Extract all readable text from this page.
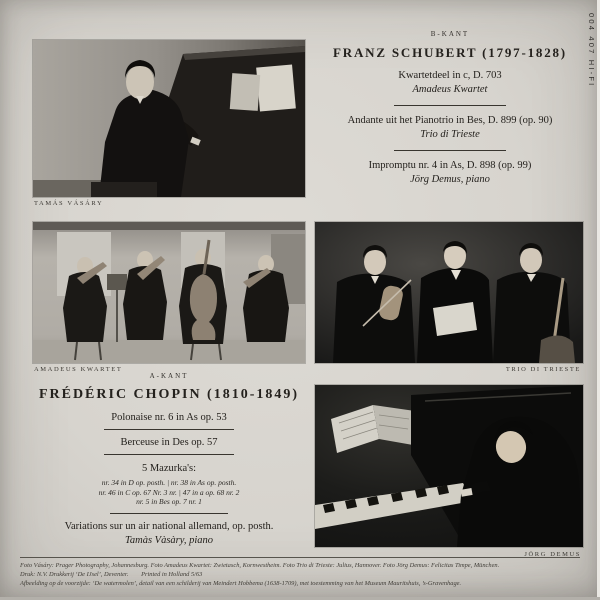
004 407 HI-FI
TAMÁS VÁSÁRY
AMADEUS KWARTET	TRIO DI TRIESTE
JÖRG DEMUS
B-KANT
FRANZ SCHUBERT (1797-1828)
Kwartetdeel in c, D. 703
Amadeus Kwartet
Andante uit het Pianotrio in Bes, D. 899 (op. 90)
Trio di Trieste
Impromptu nr. 4 in As, D. 898 (op. 99)
Jörg Demus, piano
A-KANT
FRÉDÉRIC CHOPIN (1810-1849)
Polonaise nr. 6 in As op. 53
Berceuse in Des op. 57
5 Mazurka's:
nr. 34 in D op. posth. | nr. 38 in As op. posth.
nr. 46 in C op. 67 Nr. 3 nr. | 47 in a op. 68 nr. 2
nr. 5 in Bes op. 7 nr. 1
Variations sur un air national allemand, op. posth.
Tamàs Vàsàry, piano
Foto Vásáry: Prager Photography, Johannesburg. Foto Amadeus Kwartet: Zwietasch, Kornwestheim. Foto Trio di Trieste: Julius, Hannover. Foto Jörg Demus: Felicitas Timpe, München.
Druk: N.V. Drukkerij ‘De IJsel’, Deventer.  Printed in Holland 5/63
Afbeelding op de voorzijde: ‘De watermolen’, detail van een schilderij van Meindert Hobbema (1638-1709), met toestemming van het Museum Mauritshuis, ’s-Gravenhage.
